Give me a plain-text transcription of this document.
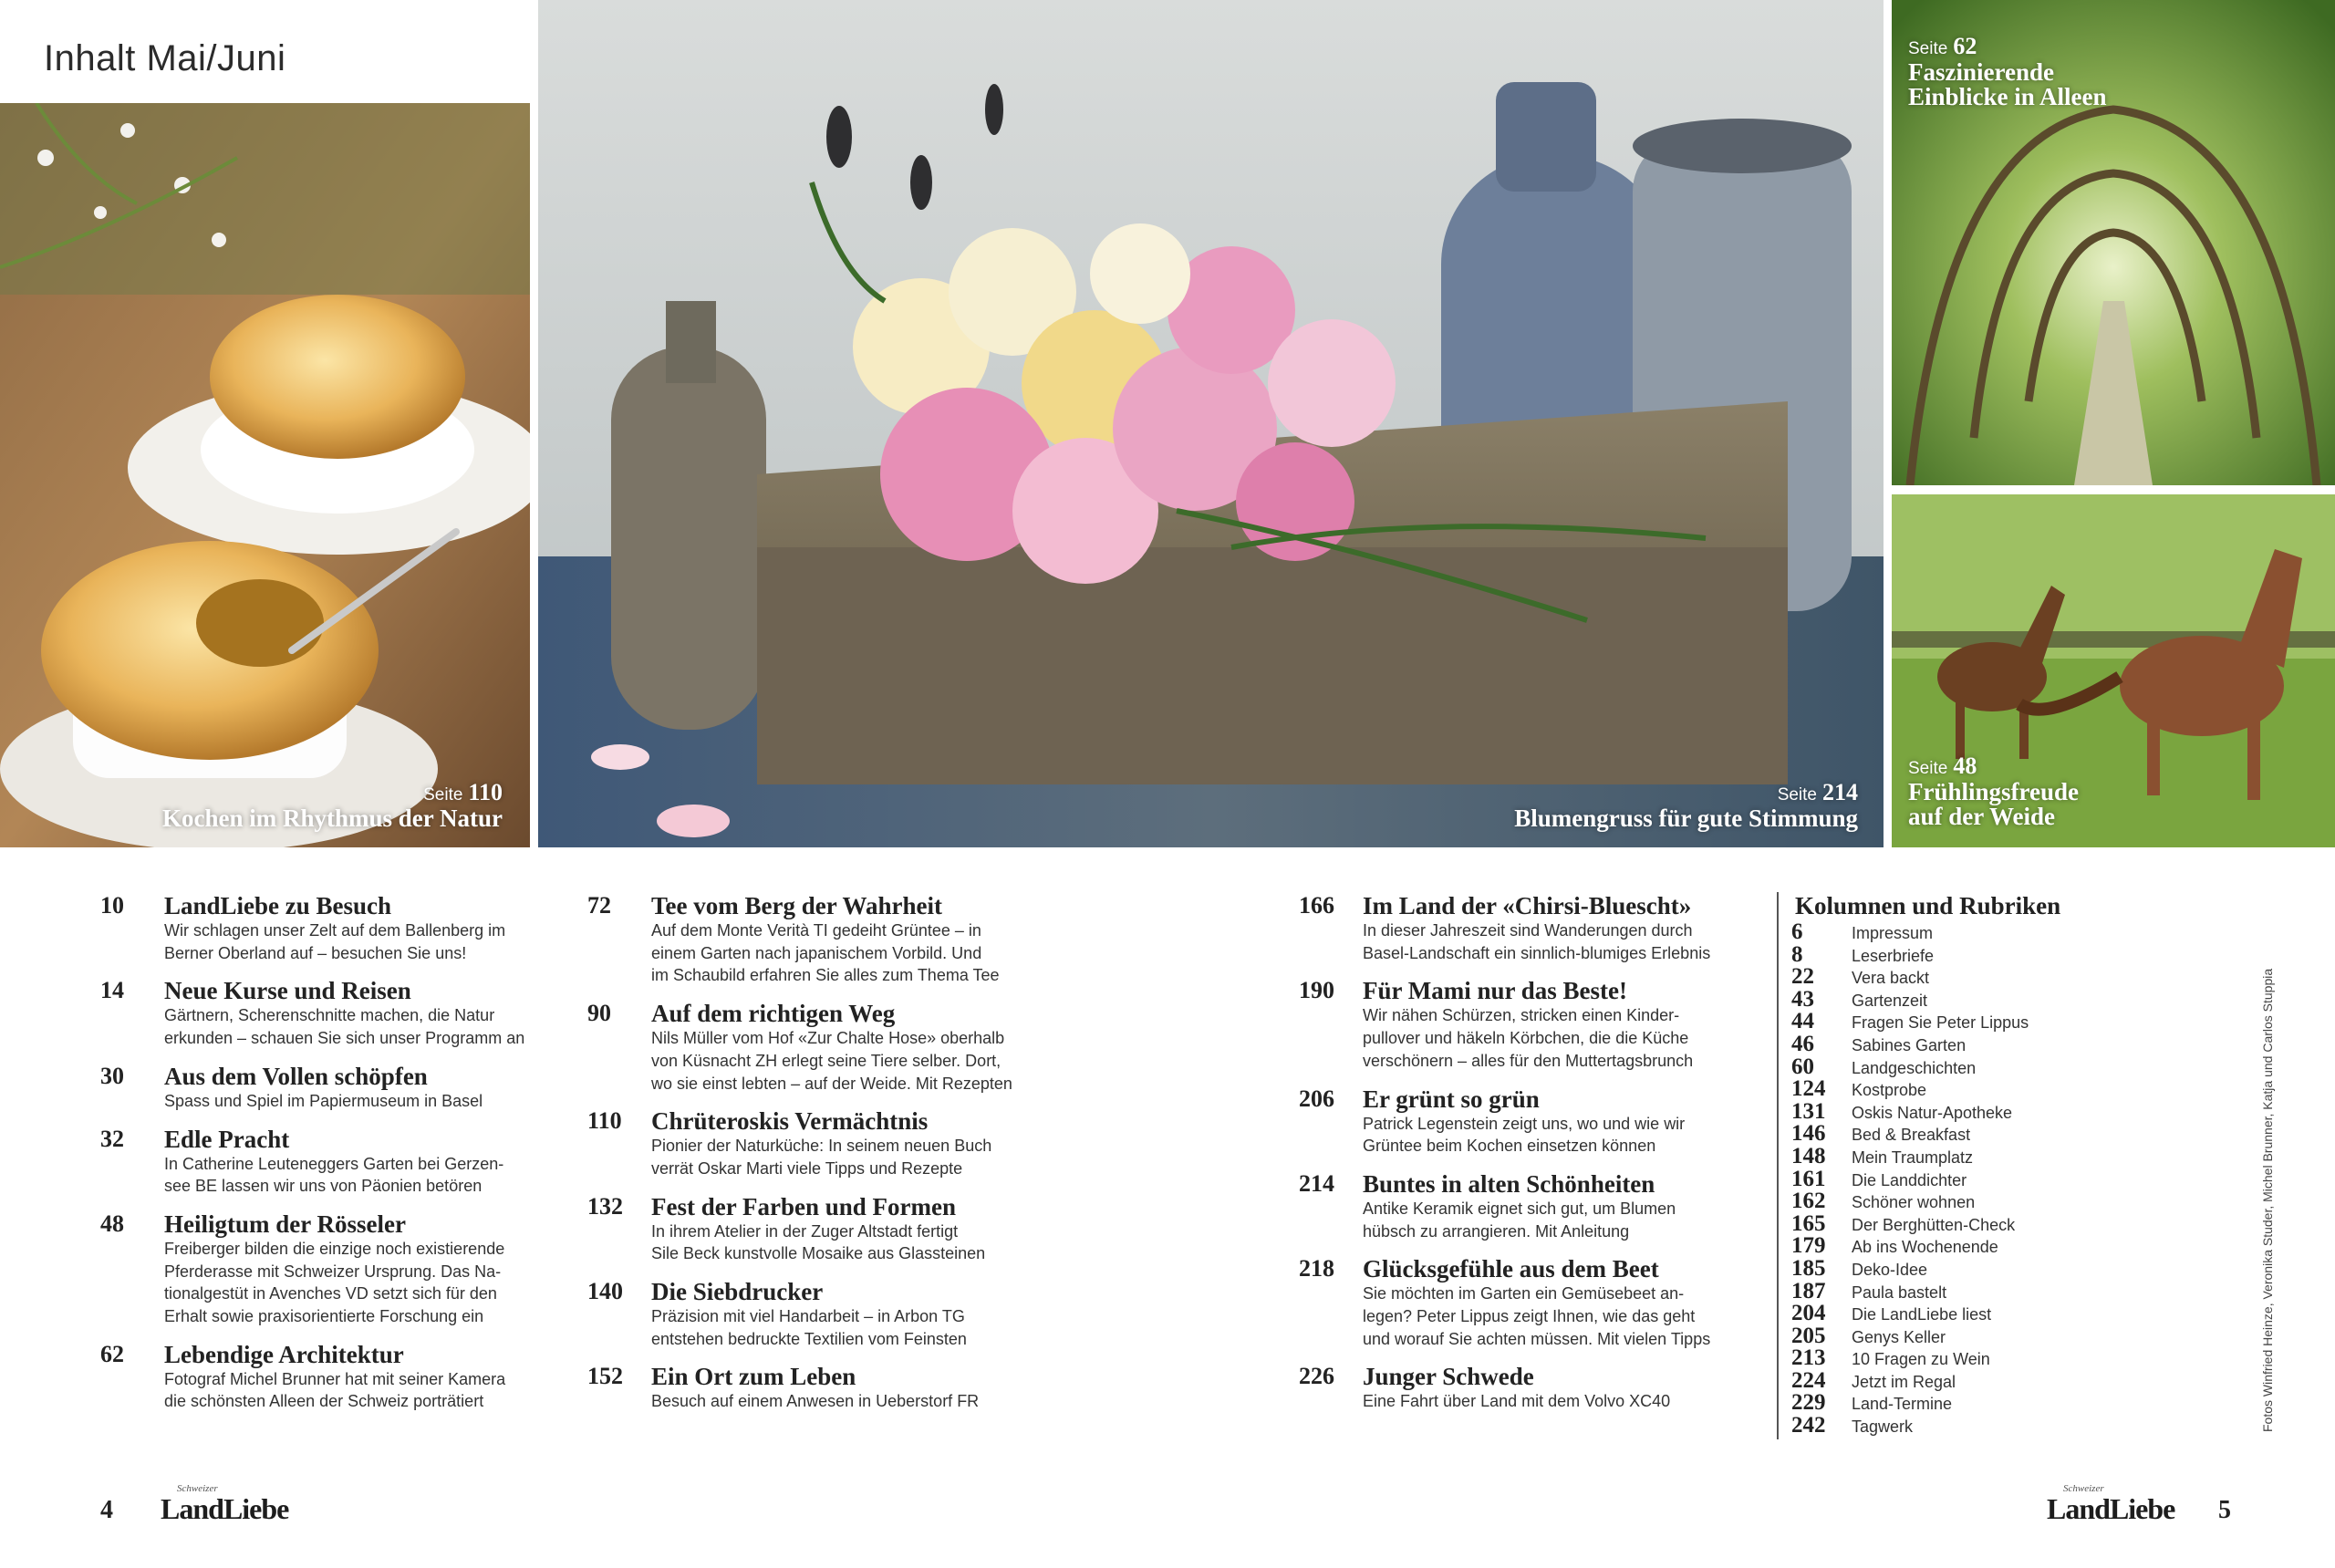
Inhalt Mai/Juni
Seite 110
Kochen im Rhythmus der Natur
Seite 214
Blumengruss für gute Stimmung
Seite 62
Faszinierende
Einblicke in Alleen
Seite 48
Frühlingsfreude
auf der Weide
10	LandLiebe zu Besuch
Wir schlagen unser Zelt auf dem Ballenberg im
Berner Oberland auf – besuchen Sie uns!
14	Neue Kurse und Reisen
Gärtnern, Scherenschnitte machen, die Natur
erkunden – schauen Sie sich unser Programm an
30	Aus dem Vollen schöpfen
Spass und Spiel im Papiermuseum in Basel
32	Edle Pracht
In Catherine Leuteneggers Garten bei Gerzen-
see BE lassen wir uns von Päonien betören
48	Heiligtum der Rösseler
Freiberger bilden die einzige noch existierende
Pferderasse mit Schweizer Ursprung. Das Na-
tionalgestüt in Avenches VD setzt sich für den
Erhalt sowie praxisorientierte Forschung ein
62	Lebendige Architektur
Fotograf Michel Brunner hat mit seiner Kamera
die schönsten Alleen der Schweiz porträtiert
72	Tee vom Berg der Wahrheit
Auf dem Monte Verità TI gedeiht Grüntee – in
einem Garten nach japanischem Vorbild. Und
im Schaubild erfahren Sie alles zum Thema Tee
90	Auf dem richtigen Weg
Nils Müller vom Hof «Zur Chalte Hose» oberhalb
von Küsnacht ZH erlegt seine Tiere selber. Dort,
wo sie einst lebten – auf der Weide. Mit Rezepten
110	Chrüteroskis Vermächtnis
Pionier der Naturküche: In seinem neuen Buch
verrät Oskar Marti viele Tipps und Rezepte
132	Fest der Farben und Formen
In ihrem Atelier in der Zuger Altstadt fertigt
Sile Beck kunstvolle Mosaike aus Glassteinen
140	Die Siebdrucker
Präzision mit viel Handarbeit – in Arbon TG
entstehen bedruckte Textilien vom Feinsten
152	Ein Ort zum Leben
Besuch auf einem Anwesen in Ueberstorf FR
166	Im Land der «Chirsi-Bluescht»
In dieser Jahreszeit sind Wanderungen durch
Basel-Landschaft ein sinnlich-blumiges Erlebnis
190	Für Mami nur das Beste!
Wir nähen Schürzen, stricken einen Kinder-
pullover und häkeln Körbchen, die die Küche
verschönern – alles für den Muttertagsbrunch
206	Er grünt so grün
Patrick Legenstein zeigt uns, wo und wie wir
Grüntee beim Kochen einsetzen können
214	Buntes in alten Schönheiten
Antike Keramik eignet sich gut, um Blumen
hübsch zu arrangieren. Mit Anleitung
218	Glücksgefühle aus dem Beet
Sie möchten im Garten ein Gemüsebeet an-
legen? Peter Lippus zeigt Ihnen, wie das geht
und worauf Sie achten müssen. Mit vielen Tipps
226	Junger Schwede
Eine Fahrt über Land mit dem Volvo XC40
Kolumnen und Rubriken
6	Impressum
8	Leserbriefe
22	Vera backt
43	Gartenzeit
44	Fragen Sie Peter Lippus
46	Sabines Garten
60	Landgeschichten
124	Kostprobe
131	Oskis Natur-Apotheke
146	Bed & Breakfast
148	Mein Traumplatz
161	Die Landdichter
162	Schöner wohnen
165	Der Berghütten-Check
179	Ab ins Wochenende
185	Deko-Idee
187	Paula bastelt
204	Die LandLiebe liest
205	Genys Keller
213	10 Fragen zu Wein
224	Jetzt im Regal
229	Land-Termine
242	Tagwerk	Fotos Winfried Heinze, Veronika Studer, Michel Brunner, Katja und Carlos Stuppia
4
Schweizer
LandLiebe
Schweizer
LandLiebe 5
